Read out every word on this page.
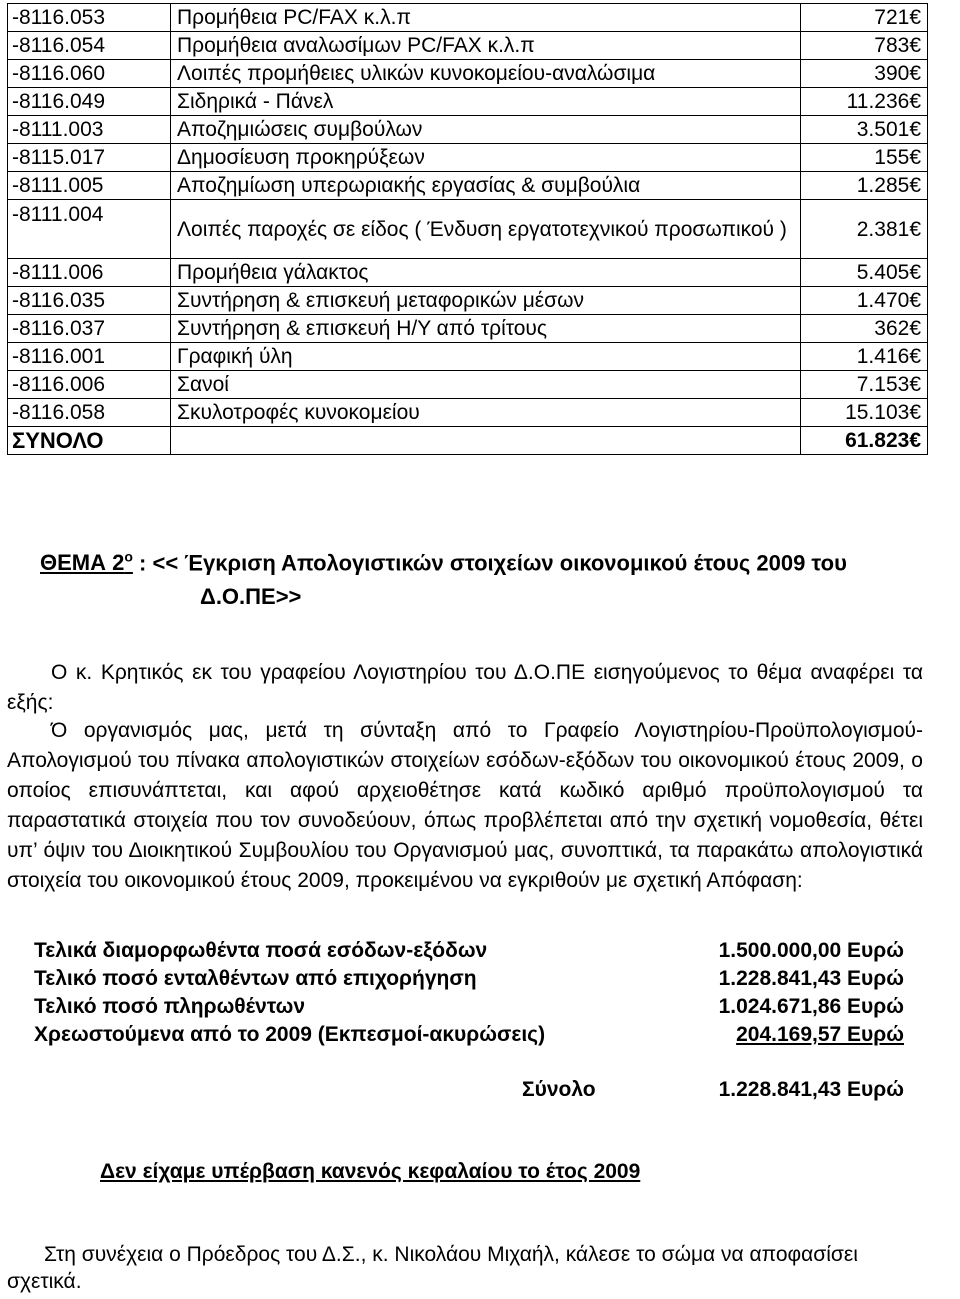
-8116.053	Προμήθεια PC/FAX κ.λ.π	721€
-8116.054	Προμήθεια αναλωσίμων PC/FAX κ.λ.π	783€
-8116.060	Λοιπές προμήθειες υλικών κυνοκομείου-αναλώσιμα	390€
-8116.049	Σιδηρικά - Πάνελ	11.236€
-8111.003	Αποζημιώσεις συμβούλων	3.501€
-8115.017	Δημοσίευση προκηρύξεων	155€
-8111.005	Αποζημίωση υπερωριακής εργασίας & συμβούλια	1.285€
-8111.004	Λοιπές παροχές σε είδος ( Ένδυση εργατοτεχνικού προσωπικού )	2.381€
-8111.006	Προμήθεια γάλακτος	5.405€
-8116.035	Συντήρηση & επισκευή μεταφορικών μέσων	1.470€
-8116.037	Συντήρηση & επισκευή Η/Υ από τρίτους	362€
-8116.001	Γραφική ύλη	1.416€
-8116.006	Σανοί	7.153€
-8116.058	Σκυλοτροφές κυνοκομείου	15.103€
ΣΥΝΟΛΟ		61.823€
ΘΕΜΑ $2^o$ : << Έγκριση Απολογιστικών στοιχείων οικονομικού έτους 2009 του
Δ.Ο.ΠΕ>>
Ο κ. Κρητικός εκ του γραφείου Λογιστηρίου του Δ.Ο.ΠΕ εισηγούμενος το θέμα αναφέρει τα εξής:
Ό οργανισμός μας, μετά τη σύνταξη από το Γραφείο Λογιστηρίου-Προϋπολογισμού-Απολογισμού του πίνακα απολογιστικών στοιχείων εσόδων-εξόδων του οικονομικού έτους 2009, ο οποίος επισυνάπτεται, και αφού αρχειοθέτησε κατά κωδικό αριθμό προϋπολογισμού τα παραστατικά στοιχεία που τον συνοδεύουν, όπως προβλέπεται από την σχετική νομοθεσία, θέτει υπ’ όψιν του Διοικητικού Συμβουλίου του Οργανισμού μας, συνοπτικά, τα παρακάτω απολογιστικά στοιχεία του οικονομικού έτους 2009, προκειμένου να εγκριθούν με σχετική Απόφαση:
Τελικά διαμορφωθέντα ποσά εσόδων-εξόδων	1.500.000,00 Ευρώ
Τελικό ποσό ενταλθέντων από επιχορήγηση	1.228.841,43 Ευρώ
Τελικό ποσό πληρωθέντων	1.024.671,86 Ευρώ
Χρεωστούμενα από το 2009 (Εκπεσμοί-ακυρώσεις)	204.169,57 Ευρώ
Σύνολο	1.228.841,43 Ευρώ
Δεν είχαμε υπέρβαση κανενός κεφαλαίου το έτος 2009
Στη συνέχεια ο Πρόεδρος του Δ.Σ., κ. Νικολάου Μιχαήλ, κάλεσε το σώμα να αποφασίσει σχετικά.
